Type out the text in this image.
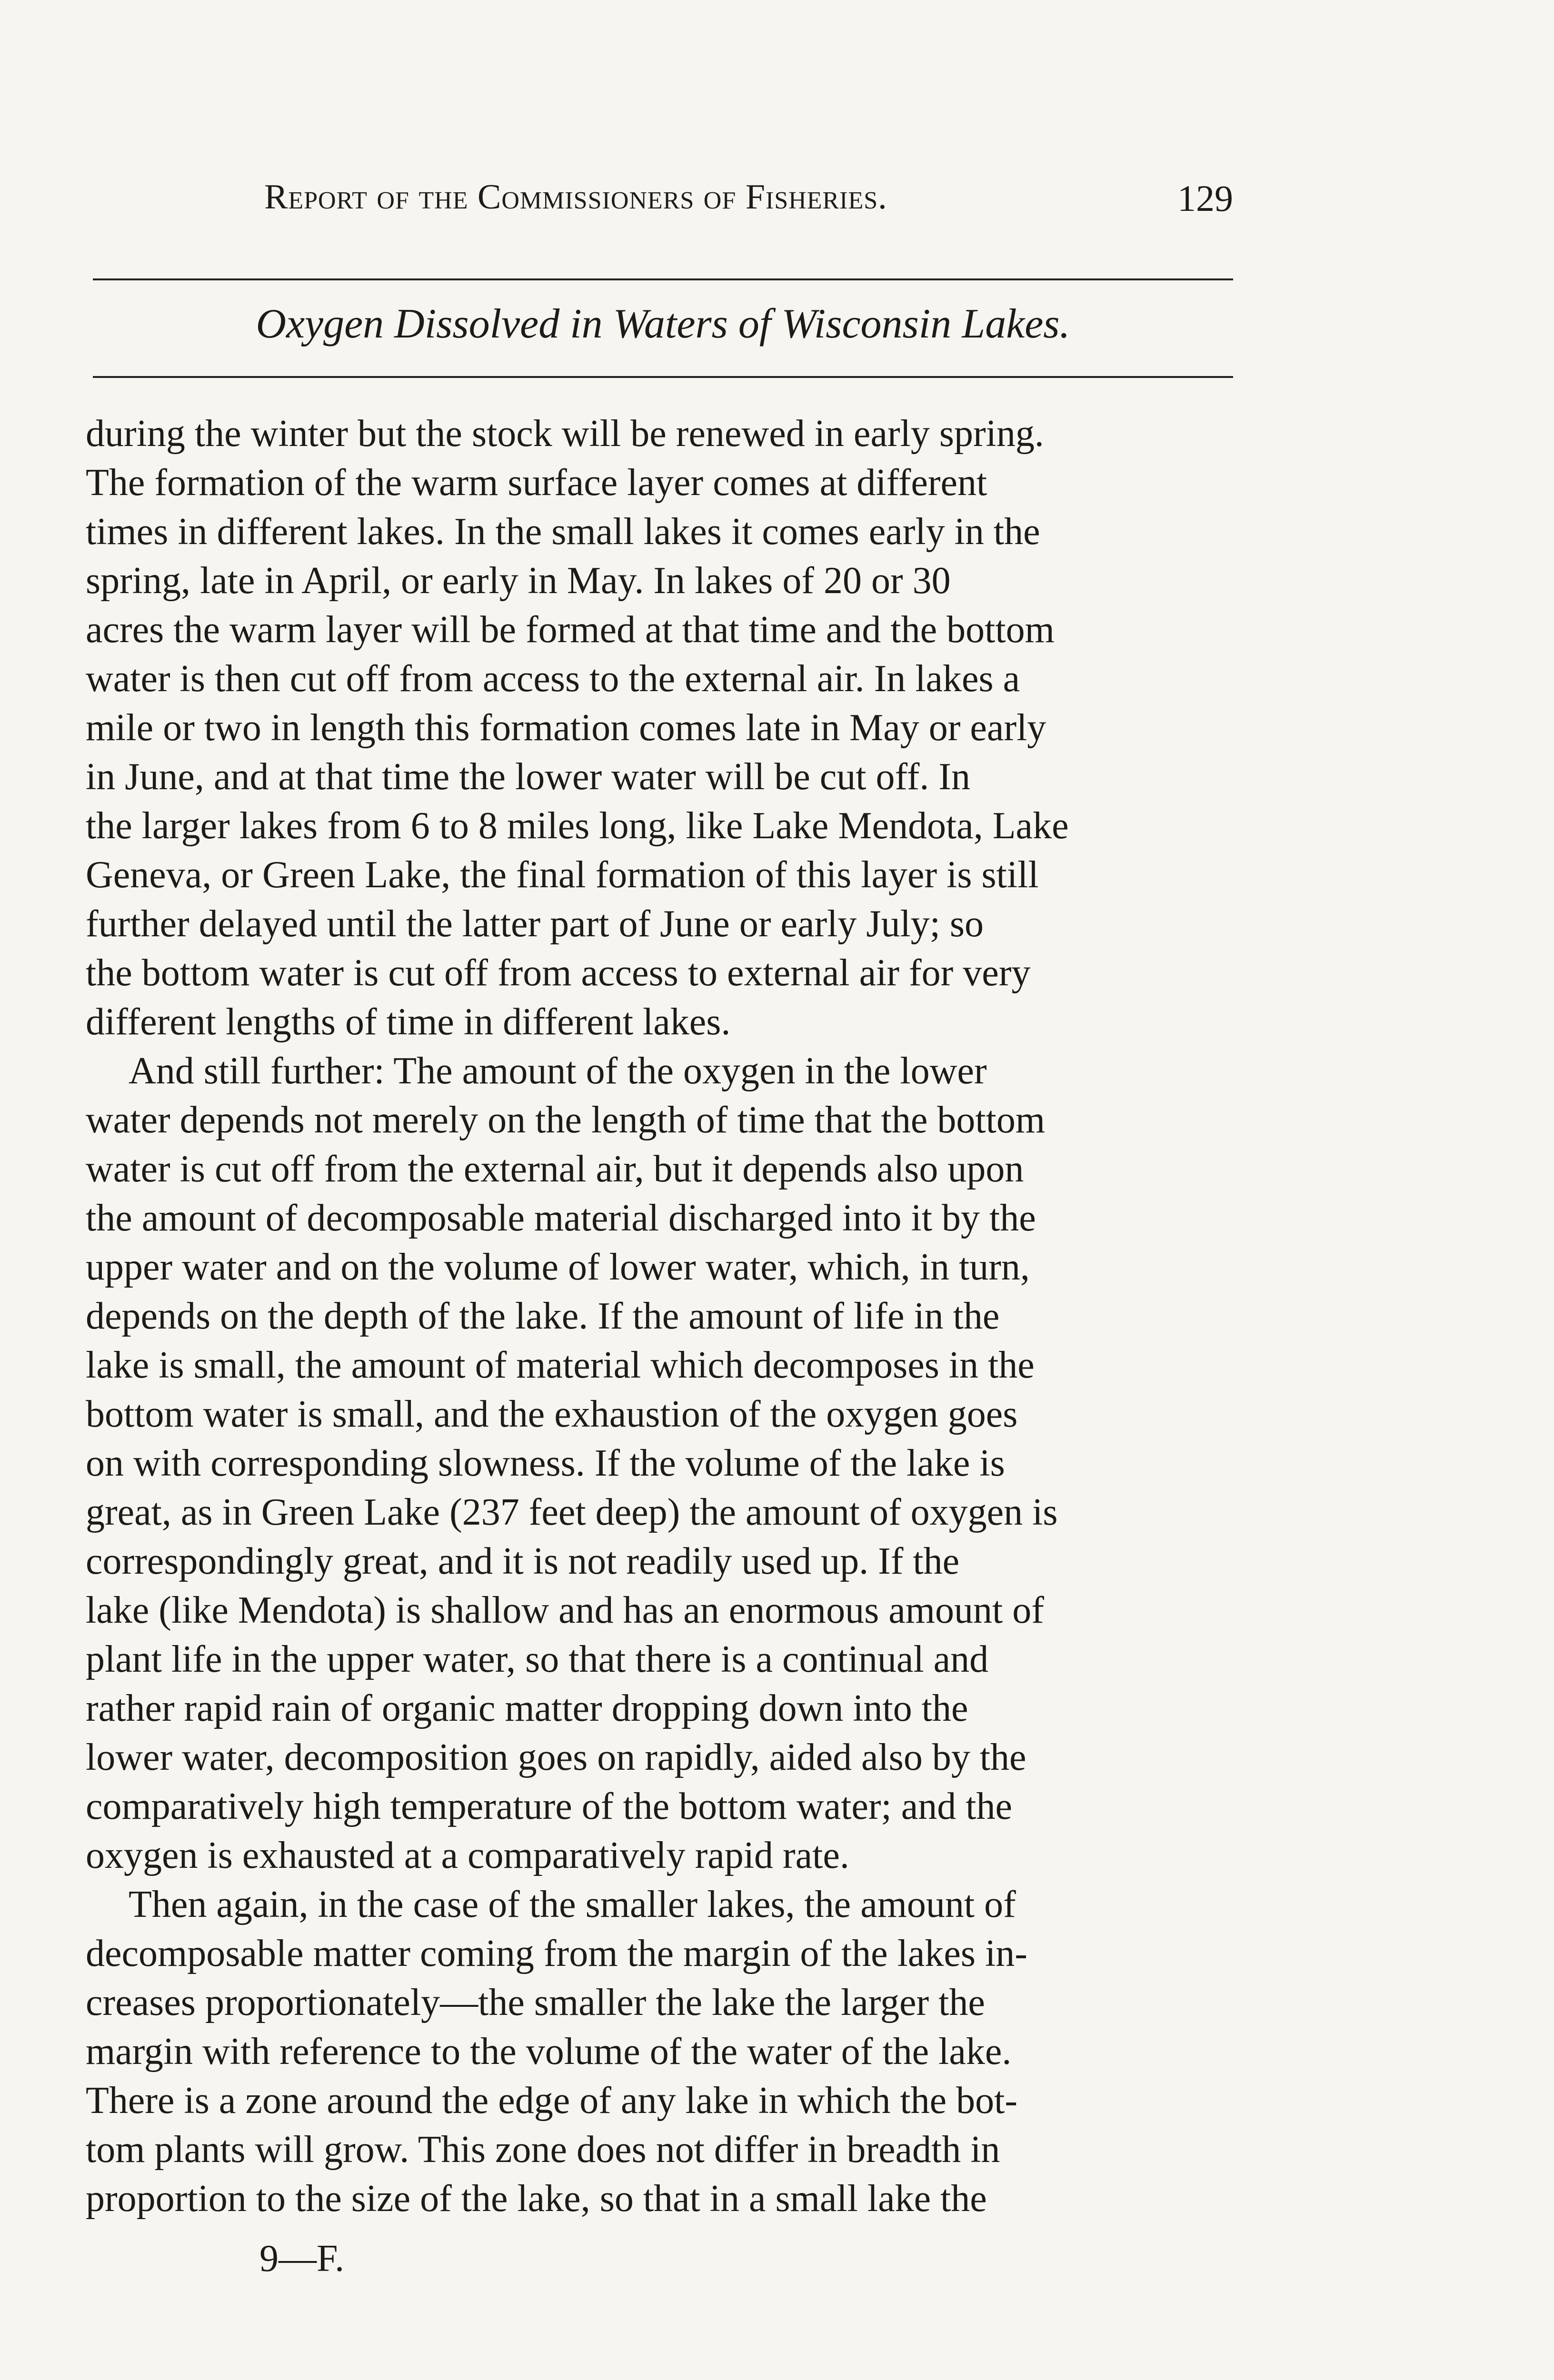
Report of the Commissioners of Fisheries.	129
Oxygen Dissolved in Waters of Wisconsin Lakes.
during the winter but the stock will be renewed in early spring.
The formation of the warm surface layer comes at different
times in different lakes. In the small lakes it comes early in the
spring, late in April, or early in May. In lakes of 20 or 30
acres the warm layer will be formed at that time and the bottom
water is then cut off from access to the external air. In lakes a
mile or two in length this formation comes late in May or early
in June, and at that time the lower water will be cut off. In
the larger lakes from 6 to 8 miles long, like Lake Mendota, Lake
Geneva, or Green Lake, the final formation of this layer is still
further delayed until the latter part of June or early July; so
the bottom water is cut off from access to external air for very
different lengths of time in different lakes.
And still further: The amount of the oxygen in the lower
water depends not merely on the length of time that the bottom
water is cut off from the external air, but it depends also upon
the amount of decomposable material discharged into it by the
upper water and on the volume of lower water, which, in turn,
depends on the depth of the lake. If the amount of life in the
lake is small, the amount of material which decomposes in the
bottom water is small, and the exhaustion of the oxygen goes
on with corresponding slowness. If the volume of the lake is
great, as in Green Lake (237 feet deep) the amount of oxygen is
correspondingly great, and it is not readily used up. If the
lake (like Mendota) is shallow and has an enormous amount of
plant life in the upper water, so that there is a continual and
rather rapid rain of organic matter dropping down into the
lower water, decomposition goes on rapidly, aided also by the
comparatively high temperature of the bottom water; and the
oxygen is exhausted at a comparatively rapid rate.
Then again, in the case of the smaller lakes, the amount of
decomposable matter coming from the margin of the lakes in-
creases proportionately—the smaller the lake the larger the
margin with reference to the volume of the water of the lake.
There is a zone around the edge of any lake in which the bot-
tom plants will grow. This zone does not differ in breadth in
proportion to the size of the lake, so that in a small lake the
9—F.
